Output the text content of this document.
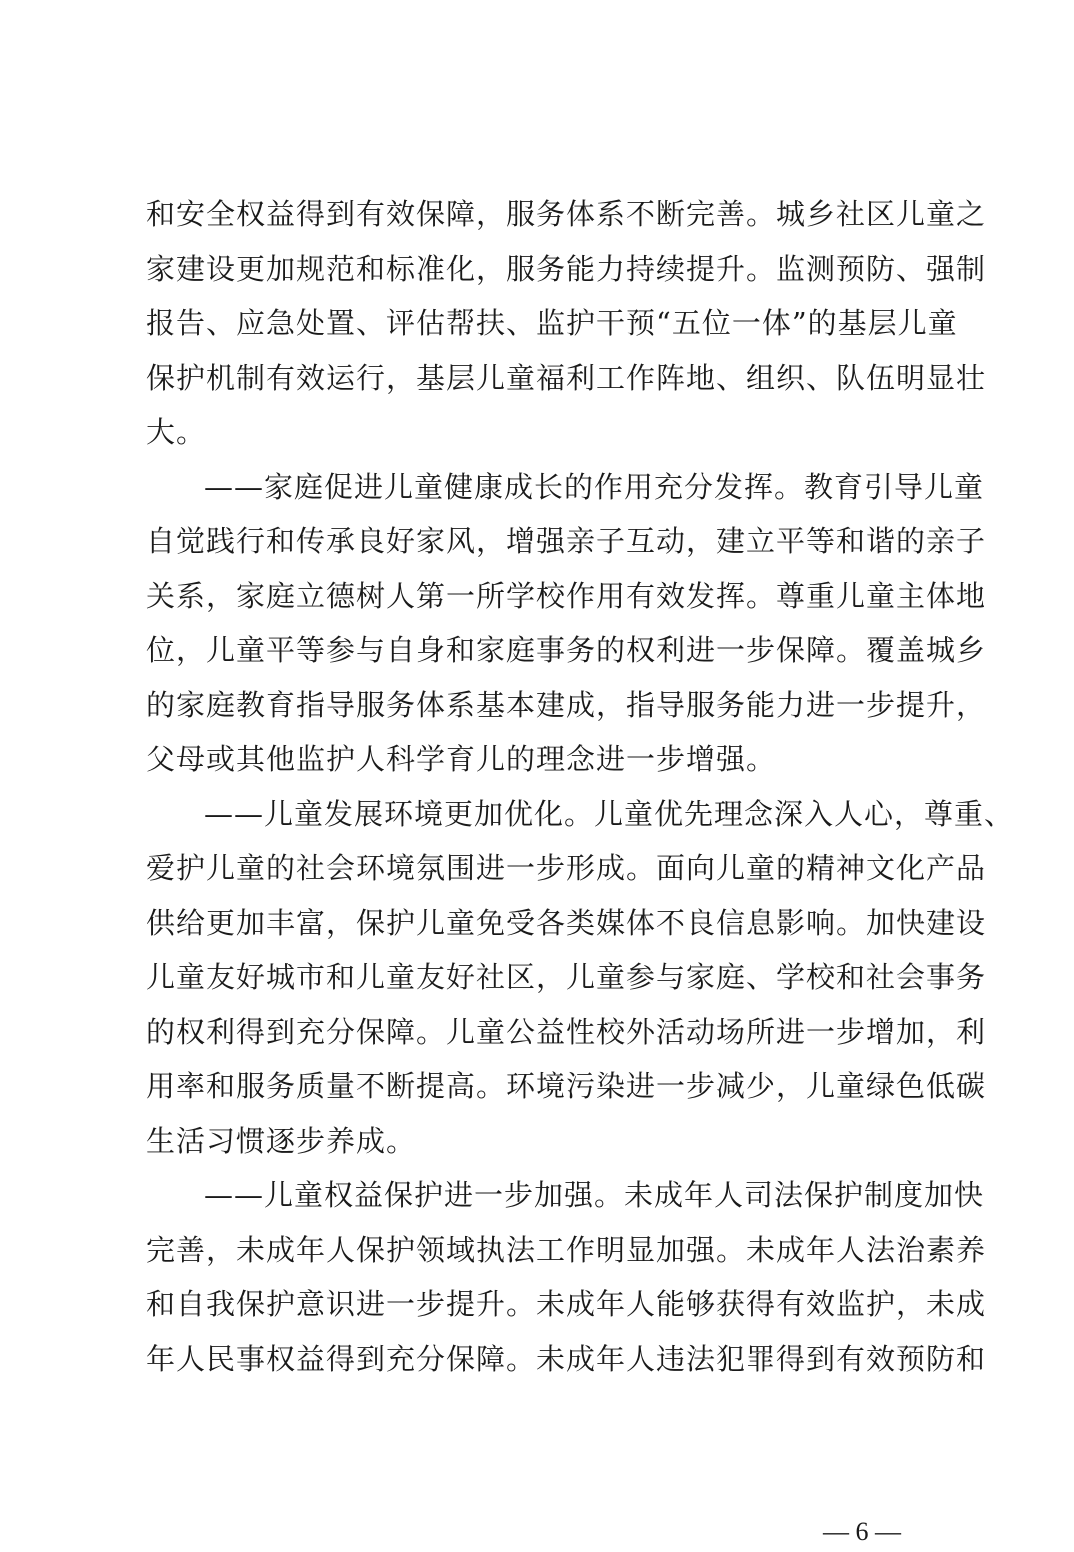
和安全权益得到有效保障，服务体系不断完善。城乡社区儿童之
家建设更加规范和标准化，服务能力持续提升。监测预防、强制
报告、应急处置、评估帮扶、监护干预“五位一体”的基层儿童
保护机制有效运行，基层儿童福利工作阵地、组织、队伍明显壮
大。
——家庭促进儿童健康成长的作用充分发挥。教育引导儿童
自觉践行和传承良好家风，增强亲子互动，建立平等和谐的亲子
关系，家庭立德树人第一所学校作用有效发挥。尊重儿童主体地
位，儿童平等参与自身和家庭事务的权利进一步保障。覆盖城乡
的家庭教育指导服务体系基本建成，指导服务能力进一步提升，
父母或其他监护人科学育儿的理念进一步增强。
——儿童发展环境更加优化。儿童优先理念深入人心，尊重、
爱护儿童的社会环境氛围进一步形成。面向儿童的精神文化产品
供给更加丰富，保护儿童免受各类媒体不良信息影响。加快建设
儿童友好城市和儿童友好社区，儿童参与家庭、学校和社会事务
的权利得到充分保障。儿童公益性校外活动场所进一步增加，利
用率和服务质量不断提高。环境污染进一步减少，儿童绿色低碳
生活习惯逐步养成。
——儿童权益保护进一步加强。未成年人司法保护制度加快
完善，未成年人保护领域执法工作明显加强。未成年人法治素养
和自我保护意识进一步提升。未成年人能够获得有效监护，未成
年人民事权益得到充分保障。未成年人违法犯罪得到有效预防和
— 6 —
